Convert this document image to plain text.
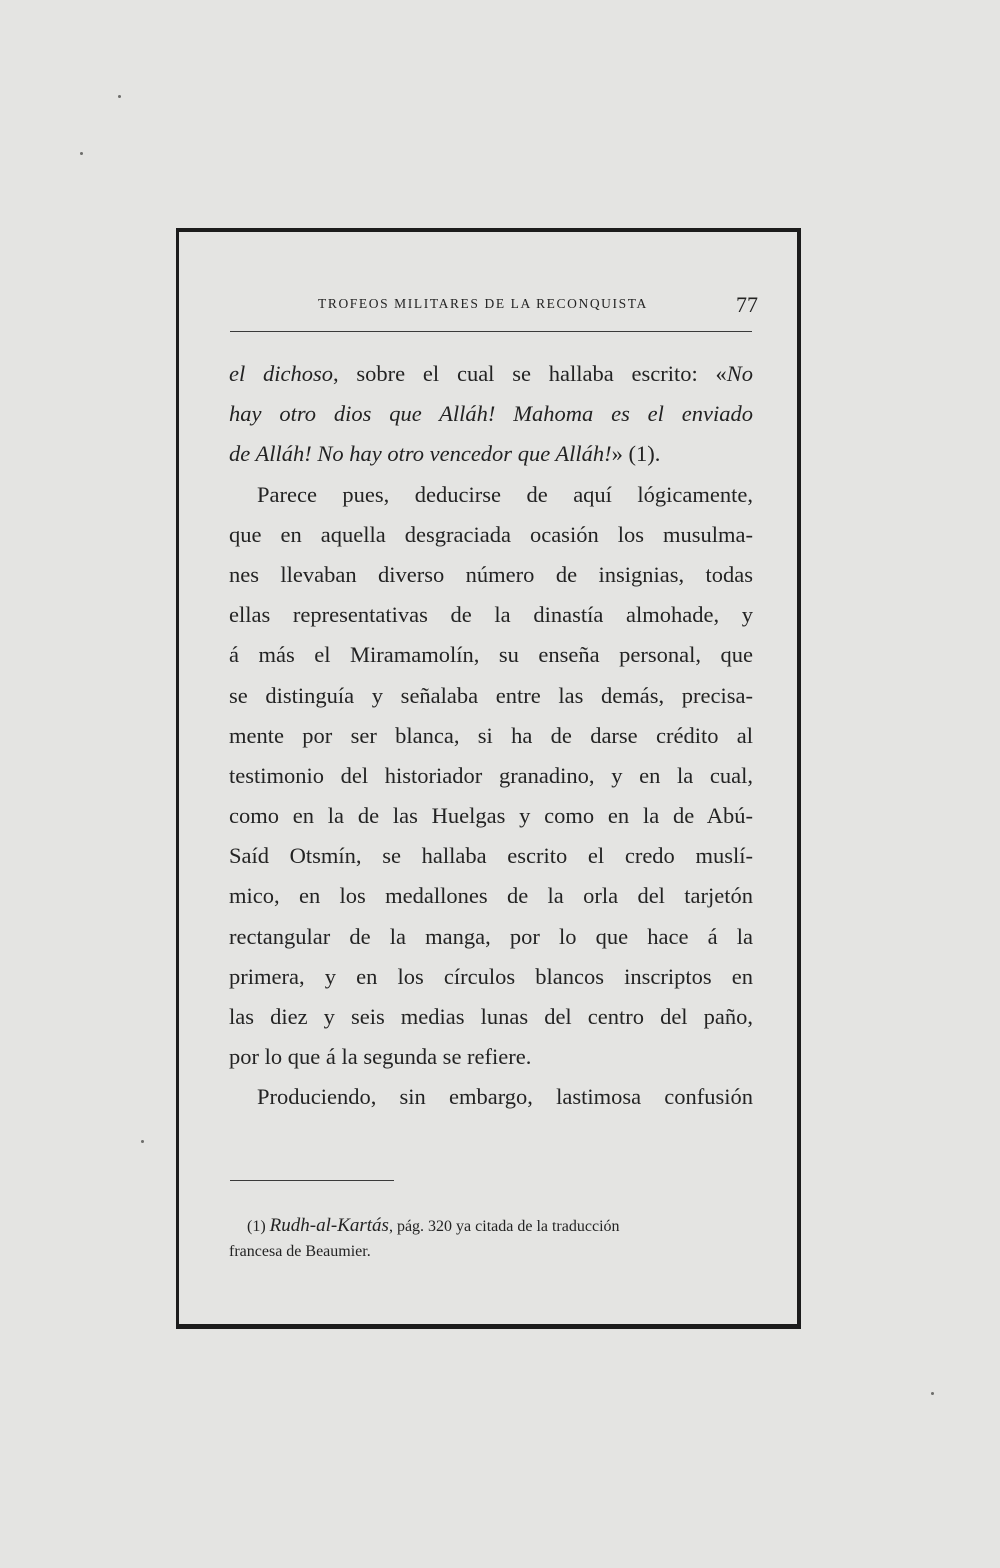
TROFEOS MILITARES DE LA RECONQUISTA	77
el dichoso, sobre el cual se hallaba escrito: «No
hay otro dios que Alláh! Mahoma es el enviado
de Alláh! No hay otro vencedor que Alláh!» (1).
Parece pues, deducirse de aquí lógicamente,
que en aquella desgraciada ocasión los musulma-
nes llevaban diverso número de insignias, todas
ellas representativas de la dinastía almohade, y
á más el Miramamolín, su enseña personal, que
se distinguía y señalaba entre las demás, precisa-
mente por ser blanca, si ha de darse crédito al
testimonio del historiador granadino, y en la cual,
como en la de las Huelgas y como en la de Abú-
Saíd Otsmín, se hallaba escrito el credo muslí-
mico, en los medallones de la orla del tarjetón
rectangular de la manga, por lo que hace á la
primera, y en los círculos blancos inscriptos en
las diez y seis medias lunas del centro del paño,
por lo que á la segunda se refiere.
Produciendo, sin embargo, lastimosa confusión
(1) Rudh-al-Kartás, pág. 320 ya citada de la traducción
francesa de Beaumier.
